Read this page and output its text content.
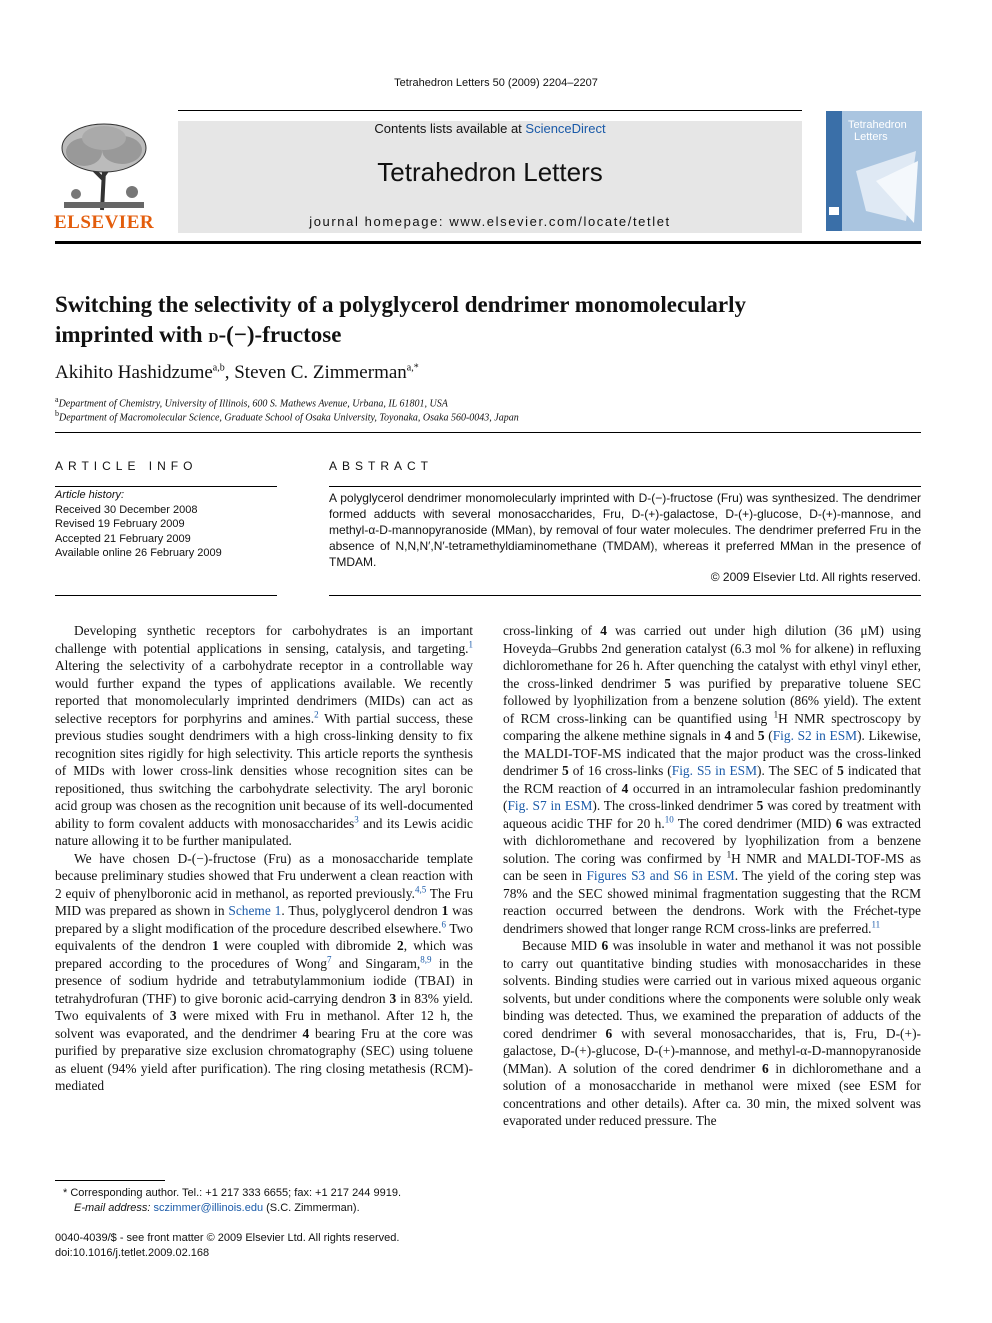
Tetrahedron Letters 50 (2009) 2204–2207
Contents lists available at ScienceDirect
Tetrahedron Letters
journal homepage: www.elsevier.com/locate/tetlet
ELSEVIER
Tetrahedron
Letters
Switching the selectivity of a polyglycerol dendrimer monomolecularly
imprinted with d-(−)-fructose
Akihito Hashidzume$^{a,b}$, Steven C. Zimmerman$^{a,*}$
$^a$Department of Chemistry, University of Illinois, 600 S. Mathews Avenue, Urbana, IL 61801, USA
$^b$Department of Macromolecular Science, Graduate School of Osaka University, Toyonaka, Osaka 560-0043, Japan
ARTICLE INFO
Article history:
Received 30 December 2008
Revised 19 February 2009
Accepted 21 February 2009
Available online 26 February 2009
ABSTRACT
A polyglycerol dendrimer monomolecularly imprinted with D-(−)-fructose (Fru) was synthesized. The dendrimer formed adducts with several monosaccharides, Fru, D-(+)-galactose, D-(+)-glucose, D-(+)-mannose, and methyl-α-D-mannopyranoside (MMan), by removal of four water molecules. The dendrimer preferred Fru in the absence of N,N,N′,N′-tetramethyldiaminomethane (TMDAM), whereas it preferred MMan in the presence of TMDAM.
© 2009 Elsevier Ltd. All rights reserved.

Developing synthetic receptors for carbohydrates is an important challenge with potential applications in sensing, catalysis, and targeting.$^1$ Altering the selectivity of a carbohydrate receptor in a controllable way would further expand the types of applications available. We recently reported that monomolecularly imprinted dendrimers (MIDs) can act as selective receptors for porphyrins and amines.$^2$ With partial success, these previous studies sought dendrimers with a high cross-linking density to fix recognition sites rigidly for high selectivity. This article reports the synthesis of MIDs with lower cross-link densities whose recognition sites can be repositioned, thus switching the carbohydrate selectivity. The aryl boronic acid group was chosen as the recognition unit because of its well-documented ability to form covalent adducts with monosaccharides$^3$ and its Lewis acidic nature allowing it to be further manipulated.

We have chosen D-(−)-fructose (Fru) as a monosaccharide template because preliminary studies showed that Fru underwent a clean reaction with 2 equiv of phenylboronic acid in methanol, as reported previously.$^{4,5}$ The Fru MID was prepared as shown in Scheme 1. Thus, polyglycerol dendron 1 was prepared by a slight modification of the procedure described elsewhere.$^6$ Two equivalents of the dendron 1 were coupled with dibromide 2, which was prepared according to the procedures of Wong$^7$ and Singaram,$^{8,9}$ in the presence of sodium hydride and tetrabutylammonium iodide (TBAI) in tetrahydrofuran (THF) to give boronic acid-carrying dendron 3 in 83% yield. Two equivalents of 3 were mixed with Fru in methanol. After 12 h, the solvent was evaporated, and the dendrimer 4 bearing Fru at the core was purified by preparative size exclusion chromatography (SEC) using toluene as eluent (94% yield after purification). The ring closing metathesis (RCM)-mediated

cross-linking of 4 was carried out under high dilution (36 μM) using Hoveyda–Grubbs 2nd generation catalyst (6.3 mol % for alkene) in refluxing dichloromethane for 26 h. After quenching the catalyst with ethyl vinyl ether, the cross-linked dendrimer 5 was purified by preparative toluene SEC followed by lyophilization from a benzene solution (86% yield). The extent of RCM cross-linking can be quantified using $^1$H NMR spectroscopy by comparing the alkene methine signals in 4 and 5 (Fig. S2 in ESM). Likewise, the MALDI-TOF-MS indicated that the major product was the cross-linked dendrimer 5 of 16 cross-links (Fig. S5 in ESM). The SEC of 5 indicated that the RCM reaction of 4 occurred in an intramolecular fashion predominantly (Fig. S7 in ESM). The cross-linked dendrimer 5 was cored by treatment with aqueous acidic THF for 20 h.$^{10}$ The cored dendrimer (MID) 6 was extracted with dichloromethane and recovered by lyophilization from a benzene solution. The coring was confirmed by $^1$H NMR and MALDI-TOF-MS as can be seen in Figures S3 and S6 in ESM. The yield of the coring step was 78% and the SEC showed minimal fragmentation suggesting that the RCM reaction occurred between the dendrons. Work with the Fréchet-type dendrimers showed that longer range RCM cross-links are preferred.$^{11}$

Because MID 6 was insoluble in water and methanol it was not possible to carry out quantitative binding studies with monosaccharides in these solvents. Binding studies were carried out in various mixed aqueous organic solvents, but under conditions where the components were soluble only weak binding was detected. Thus, we examined the preparation of adducts of the cored dendrimer 6 with several monosaccharides, that is, Fru, D-(+)-galactose, D-(+)-glucose, D-(+)-mannose, and methyl-α-D-mannopyranoside (MMan). A solution of the cored dendrimer 6 in dichloromethane and a solution of a monosaccharide in methanol were mixed (see ESM for concentrations and other details). After ca. 30 min, the mixed solvent was evaporated under reduced pressure. The

* Corresponding author. Tel.: +1 217 333 6655; fax: +1 217 244 9919.
E-mail address: sczimmer@illinois.edu (S.C. Zimmerman).
0040-4039/$ - see front matter © 2009 Elsevier Ltd. All rights reserved.
doi:10.1016/j.tetlet.2009.02.168
